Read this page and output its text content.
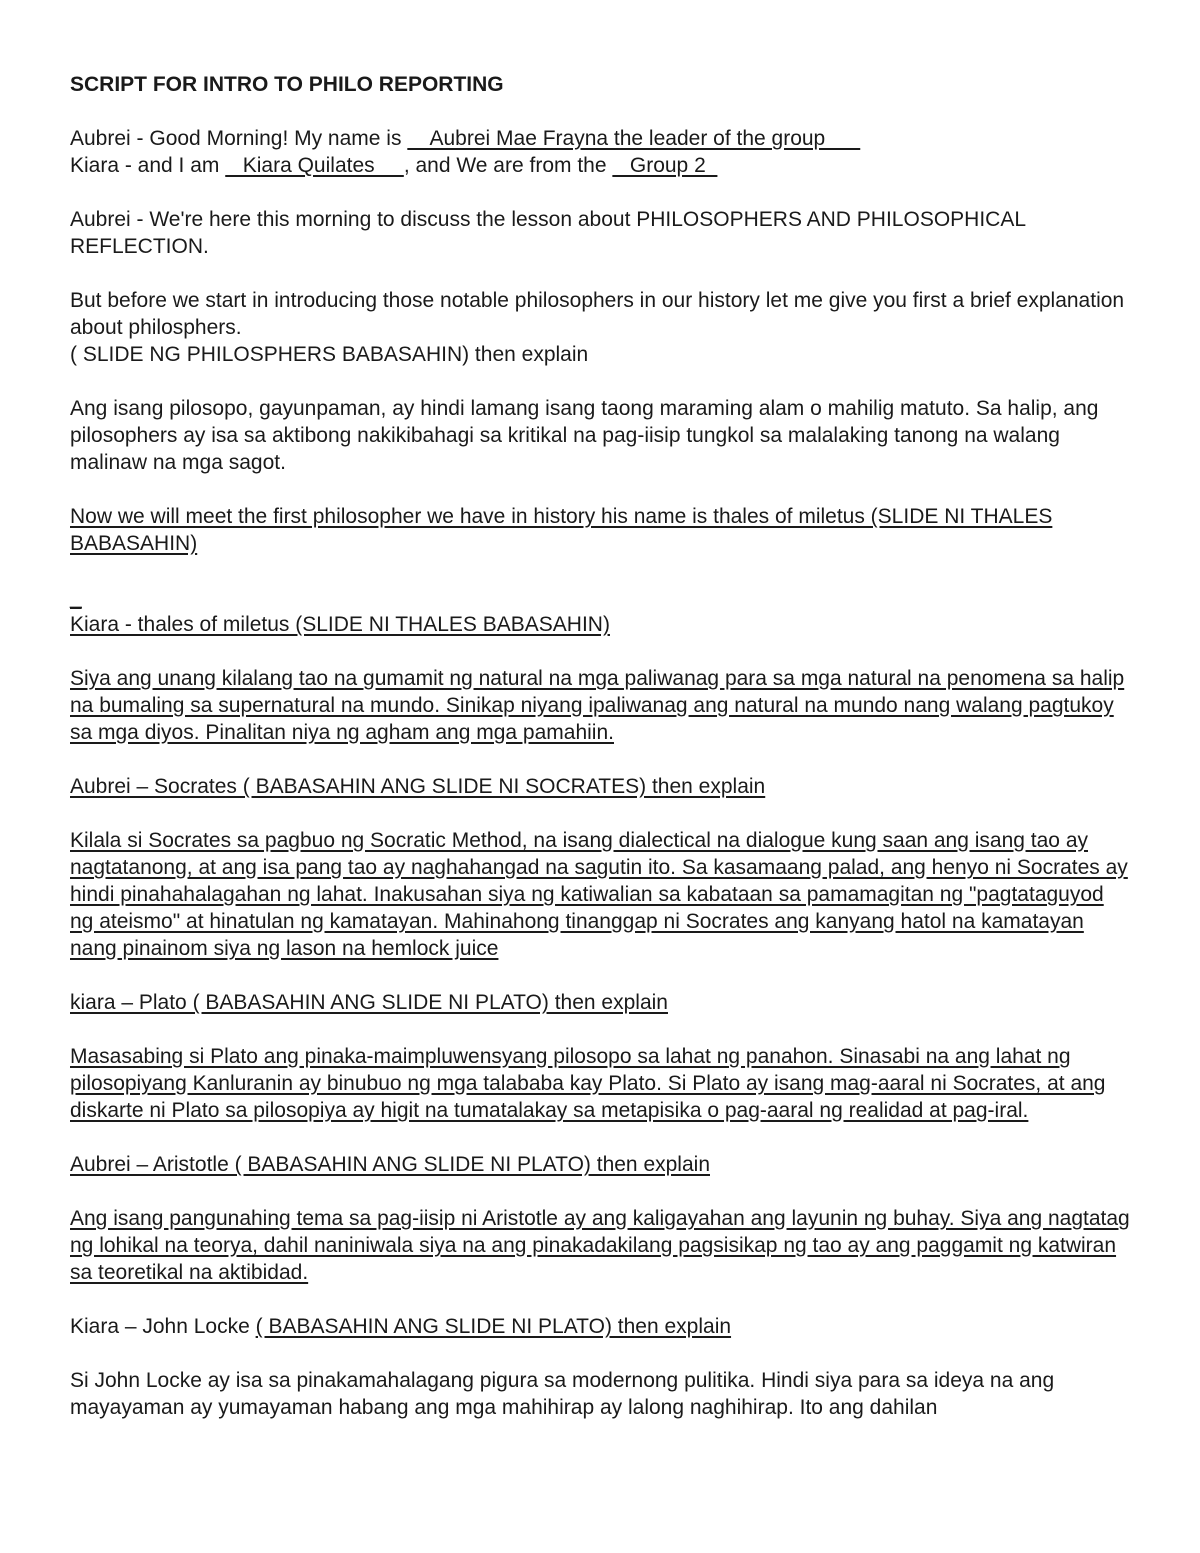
SCRIPT FOR INTRO TO PHILO REPORTING

Aubrei - Good Morning! My name is     Aubrei Mae Frayna the leader of the group
Kiara - and I am    Kiara Quilates     , and We are from the    Group 2

Aubrei - We're here this morning to discuss the lesson about PHILOSOPHERS AND PHILOSOPHICAL REFLECTION.

But before we start in introducing those notable philosophers in our history let me give you first a brief explanation about philosphers.
( SLIDE NG PHILOSPHERS BABASAHIN) then explain

Ang isang pilosopo, gayunpaman, ay hindi lamang isang taong maraming alam o mahilig matuto. Sa halip, ang pilosophers ay isa sa aktibong nakikibahagi sa kritikal na pag-iisip tungkol sa malalaking tanong na walang malinaw na mga sagot.

Now we will meet the first philosopher we have in history his name is thales of miletus (SLIDE NI THALES BABASAHIN)

_
Kiara - thales of miletus (SLIDE NI THALES BABASAHIN)

Siya ang unang kilalang tao na gumamit ng natural na mga paliwanag para sa mga natural na penomena sa halip na bumaling sa supernatural na mundo. Sinikap niyang ipaliwanag ang natural na mundo nang walang pagtukoy sa mga diyos. Pinalitan niya ng agham ang mga pamahiin.

Aubrei – Socrates ( BABASAHIN ANG SLIDE NI SOCRATES) then explain

Kilala si Socrates sa pagbuo ng Socratic Method, na isang dialectical na dialogue kung saan ang isang tao ay nagtatanong, at ang isa pang tao ay naghahangad na sagutin ito. Sa kasamaang palad, ang henyo ni Socrates ay hindi pinahahalagahan ng lahat. Inakusahan siya ng katiwalian sa kabataan sa pamamagitan ng "pagtataguyod ng ateismo" at hinatulan ng kamatayan. Mahinahong tinanggap ni Socrates ang kanyang hatol na kamatayan nang pinainom siya ng lason na hemlock juice

kiara – Plato ( BABASAHIN ANG SLIDE NI PLATO) then explain

Masasabing si Plato ang pinaka-maimpluwensyang pilosopo sa lahat ng panahon. Sinasabi na ang lahat ng pilosopiyang Kanluranin ay binubuo ng mga talababa kay Plato. Si Plato ay isang mag-aaral ni Socrates, at ang diskarte ni Plato sa pilosopiya ay higit na tumatalakay sa metapisika o pag-aaral ng realidad at pag-iral.

Aubrei – Aristotle ( BABASAHIN ANG SLIDE NI PLATO) then explain

Ang isang pangunahing tema sa pag-iisip ni Aristotle ay ang kaligayahan ang layunin ng buhay. Siya ang nagtatag ng lohikal na teorya, dahil naniniwala siya na ang pinakadakilang pagsisikap ng tao ay ang paggamit ng katwiran sa teoretikal na aktibidad.

Kiara – John Locke ( BABASAHIN ANG SLIDE NI PLATO) then explain

Si John Locke ay isa sa pinakamahalagang pigura sa modernong pulitika. Hindi siya para sa ideya na ang mayayaman ay yumayaman habang ang mga mahihirap ay lalong naghihirap. Ito ang dahilan
